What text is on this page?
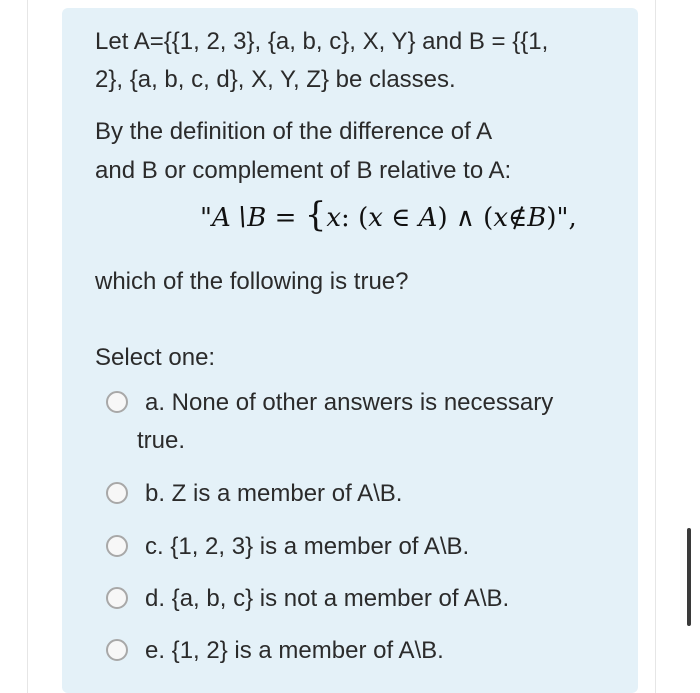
Let A={{1, 2, 3}, {a, b, c}, X, Y} and B = {{1,
2}, {a, b, c, d}, X, Y, Z} be classes.
By the definition of the difference of A
and B or complement of B relative to A:
"A∖B = {x: (x ∈ A) ∧ (x∉B)",
which of the following is true?
Select one:
a. None of other answers is necessary
true.
b. Z is a member of A\B.
c. {1, 2, 3} is a member of A\B.
d. {a, b, c} is not a member of A\B.
e. {1, 2} is a member of A\B.
